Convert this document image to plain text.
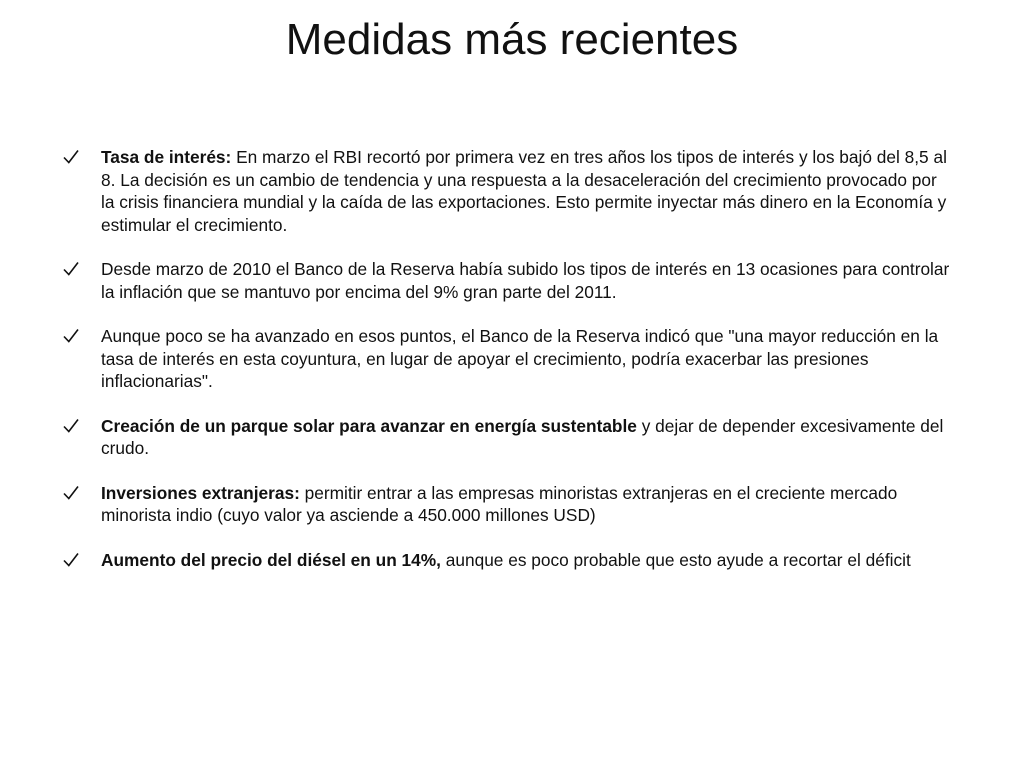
Medidas más recientes
Tasa de interés: En marzo el RBI recortó por primera vez en tres años los tipos de interés y los bajó del 8,5 al 8. La decisión es un cambio de tendencia y una respuesta a la desaceleración del crecimiento provocado por la crisis financiera mundial y la caída de las exportaciones. Esto permite inyectar más dinero en la Economía y estimular el crecimiento.
Desde marzo de 2010 el Banco de la Reserva había subido los tipos de interés en 13 ocasiones para controlar la inflación que se mantuvo por encima del 9% gran parte del 2011.
Aunque poco se ha avanzado en esos puntos, el Banco de la Reserva indicó que "una mayor reducción en la tasa de interés en esta coyuntura, en lugar de apoyar el crecimiento, podría exacerbar las presiones inflacionarias".
Creación de un parque solar para avanzar en energía sustentable y dejar de depender excesivamente del crudo.
Inversiones extranjeras: permitir entrar a las empresas minoristas extranjeras en el creciente mercado minorista indio (cuyo valor ya asciende a 450.000 millones USD)
Aumento del precio del diésel en un 14%, aunque es poco probable que esto ayude a recortar el déficit
